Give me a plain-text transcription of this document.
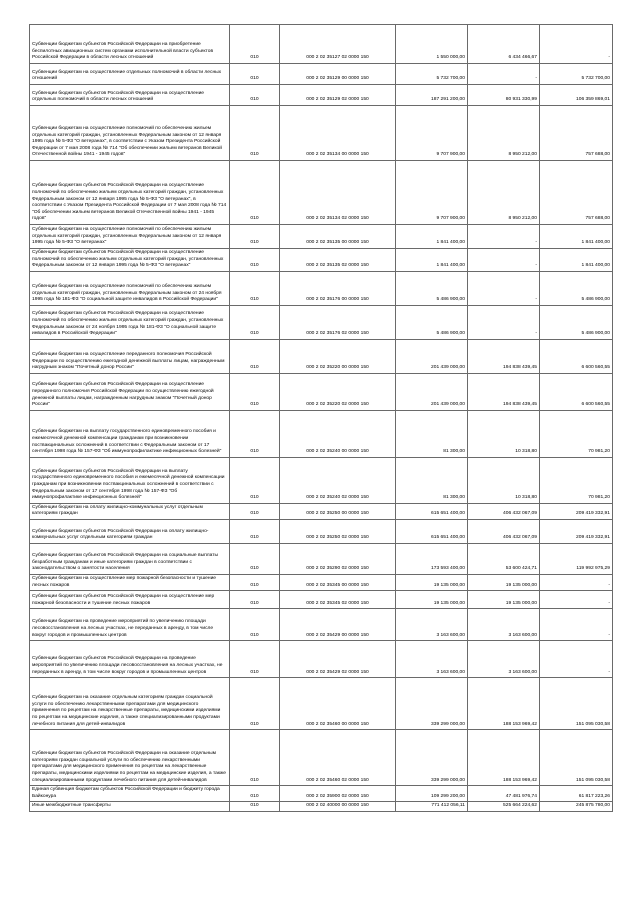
Субвенции бюджетам субъектов Российской Федерации на приобретение беспилотных авиационных систем органами исполнительной власти субъектов Российской Федерации в области лесных отношений	010	000 2 02 35127 02 0000 150	1 550 000,00	6 434 466,67	-
Субвенции бюджетам на осуществление отдельных полномочий в области лесных отношений	010	000 2 02 35129 00 0000 150	5 732 700,00	-	5 732 700,00
Субвенции бюджетам субъектов Российской Федерации на осуществление отдельных полномочий в области лесных отношений	010	000 2 02 35129 02 0000 150	187 291 200,00	80 931 330,99	106 359 869,01
Субвенции бюджетам на осуществление полномочий по обеспечению жильем отдельных категорий граждан, установленных Федеральным законом от 12 января 1995 года № 5-ФЗ "О ветеранах", в соответствии с Указом Президента Российской Федерации от 7 мая 2008 года № 714 "Об обеспечении жильем ветеранов Великой Отечественной войны 1941 - 1945 годов"	010	000 2 02 35134 00 0000 150	9 707 900,00	8 950 212,00	757 688,00
Субвенции бюджетам субъектов Российской Федерации на осуществление полномочий по обеспечению жильем отдельных категорий граждан, установленных Федеральным законом от 12 января 1995 года № 5-ФЗ "О ветеранах", в соответствии с Указом Президента Российской Федерации от 7 мая 2008 года № 714 "Об обеспечении жильем ветеранов Великой Отечественной войны 1941 - 1945 годов"	010	000 2 02 35134 02 0000 150	9 707 900,00	8 950 212,00	757 688,00
Субвенции бюджетам на осуществление полномочий по обеспечению жильем отдельных категорий граждан, установленных Федеральным законом от 12 января 1995 года № 5-ФЗ "О ветеранах"	010	000 2 02 35135 00 0000 150	1 841 400,00	-	1 841 400,00
Субвенции бюджетам субъектов Российской Федерации на осуществление полномочий по обеспечению жильем отдельных категорий граждан, установленных Федеральным законом от 12 января 1995 года № 5-ФЗ "О ветеранах"	010	000 2 02 35135 02 0000 150	1 841 400,00	-	1 841 400,00
Субвенции бюджетам на осуществление полномочий по обеспечению жильем отдельных категорий граждан, установленных Федеральным законом от 24 ноября 1995 года № 181-ФЗ "О социальной защите инвалидов в Российской Федерации"	010	000 2 02 35176 00 0000 150	5 486 900,00	-	5 486 900,00
Субвенции бюджетам субъектов Российской Федерации на осуществление полномочий по обеспечению жильем отдельных категорий граждан, установленных Федеральным законом от 24 ноября 1995 года № 181-ФЗ "О социальной защите инвалидов в Российской Федерации"	010	000 2 02 35176 02 0000 150	5 486 900,00	-	5 486 900,00
Субвенции бюджетам на осуществление переданного полномочия Российской Федерации по осуществлению ежегодной денежной выплаты лицам, награжденным нагрудным знаком "Почетный донор России"	010	000 2 02 35220 00 0000 150	201 439 000,00	194 838 439,45	6 600 560,55
Субвенции бюджетам субъектов Российской Федерации на осуществление переданного полномочия Российской Федерации по осуществлению ежегодной денежной выплаты лицам, награжденным нагрудным знаком "Почетный донор России"	010	000 2 02 35220 02 0000 150	201 439 000,00	194 838 439,45	6 600 560,55
Субвенции бюджетам на выплату государственного единовременного пособия и ежемесячной денежной компенсации гражданам при возникновении поствакцинальных осложнений в соответствии с Федеральным законом от 17 сентября 1998 года № 157-ФЗ "Об иммунопрофилактике инфекционных болезней"	010	000 2 02 35240 00 0000 150	81 300,00	10 318,80	70 981,20
Субвенции бюджетам субъектов Российской Федерации на выплату государственного единовременного пособия и ежемесячной денежной компенсации гражданам при возникновении поствакцинальных осложнений в соответствии с Федеральным законом от 17 сентября 1998 года № 157-ФЗ "Об иммунопрофилактике инфекционных болезней"	010	000 2 02 35240 02 0000 150	81 300,00	10 318,80	70 981,20
Субвенции бюджетам на оплату жилищно-коммунальных услуг отдельным категориям граждан	010	000 2 02 35250 00 0000 150	615 651 400,00	406 432 067,09	209 419 332,91
Субвенции бюджетам субъектов Российской Федерации на оплату жилищно-коммунальных услуг отдельным категориям граждан	010	000 2 02 35250 02 0000 150	615 651 400,00	406 432 067,09	209 419 332,91
Субвенции бюджетам субъектов Российской Федерации на социальные выплаты безработным гражданам и иные категориям граждан в соответствии с законодательством о занятости населения	010	000 2 02 35290 02 0000 150	173 593 400,00	53 600 424,71	119 992 975,29
Субвенции бюджетам на осуществление мер пожарной безопасности и тушение лесных пожаров	010	000 2 02 35345 00 0000 150	19 135 000,00	19 135 000,00	-
Субвенции бюджетам субъектов Российской Федерации на осуществление мер пожарной безопасности и тушение лесных пожаров	010	000 2 02 35345 02 0000 150	19 135 000,00	19 135 000,00	-
Субвенции бюджетам на проведение мероприятий по увеличению площади лесовосстановления на лесных участках, не переданных в аренду, в том числе вокруг городов и промышленных центров	010	000 2 02 35429 00 0000 150	3 163 600,00	3 163 600,00	-
Субвенции бюджетам субъектов Российской Федерации на проведение мероприятий по увеличению площади лесовосстановления на лесных участках, не переданных в аренду, в том числе вокруг городов и промышленных центров	010	000 2 02 35429 02 0000 150	3 163 600,00	3 163 600,00	-
Субвенции бюджетам на оказание отдельным категориям граждан социальной услуги по обеспечению лекарственными препаратами для медицинского применения по рецептам на лекарственные препараты, медицинскими изделиями по рецептам на медицинские изделия, а также специализированными продуктами лечебного питания для детей-инвалидов	010	000 2 02 35460 00 0000 150	339 299 000,00	188 153 969,42	151 095 030,58
Субвенции бюджетам субъектов Российской Федерации на оказание отдельным категориям граждан социальной услуги по обеспечению лекарственными препаратами для медицинского применения по рецептам на лекарственные препараты, медицинскими изделиями по рецептам на медицинские изделия, а также специализированными продуктами лечебного питания для детей-инвалидов	010	000 2 02 35460 02 0000 150	339 299 000,00	188 153 969,42	151 095 030,58
Единая субвенция бюджетам субъектов Российской Федерации и бюджету города Байконура	010	000 2 02 35900 02 0000 150	109 299 200,00	47 481 976,74	61 817 223,26
Иные межбюджетные трансферты	010	000 2 02 40000 00 0000 150	771 412 056,11	525 664 224,62	245 875 780,00
